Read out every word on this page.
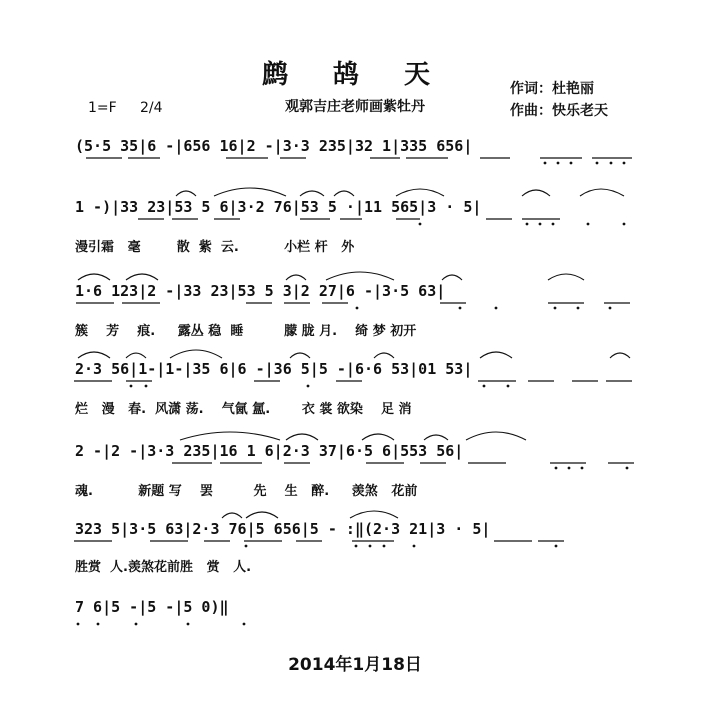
鹧 鸪 天
观郭吉庄老师画紫牡丹
作词：杜艳丽
作曲：快乐老天
1=F 2/4
(5·5 35|6 -|656 16|2 -|3·3 235|32 1|335 656|
1 -)|33 23|53 5 6|3·2 76|53 5 ·|11 565|3 · 5|
漫引霜   毫        散  紫  云.          小栏 杆   外
1·6 123|2 -|33 23|53 5 3|2 27|6 -|3·5 63|
簇    芳    痕.     露丛 稳  睡         朦 胧 月.    绮 梦 初开
2·3 56|1-|1-|35 6|6 -|36 5|5 -|6·6 53|01 53|
烂   漫   春.  风潇 荡.    气氤 氲.       衣 裳 欲染    足 消
2 -|2 -|3·3 235|16 1 6|2·3 37|6·5 6|553 56|
魂.          新题 写    罢         先    生   醉.     羡煞   花前
323 5|3·5 63|2·3 76|5 656|5 - :‖(2·3 21|3 · 5|
胜赏  人.羡煞花前胜   赏   人.
7 6|5 -|5 -|5 0)‖
2014年1月18日
